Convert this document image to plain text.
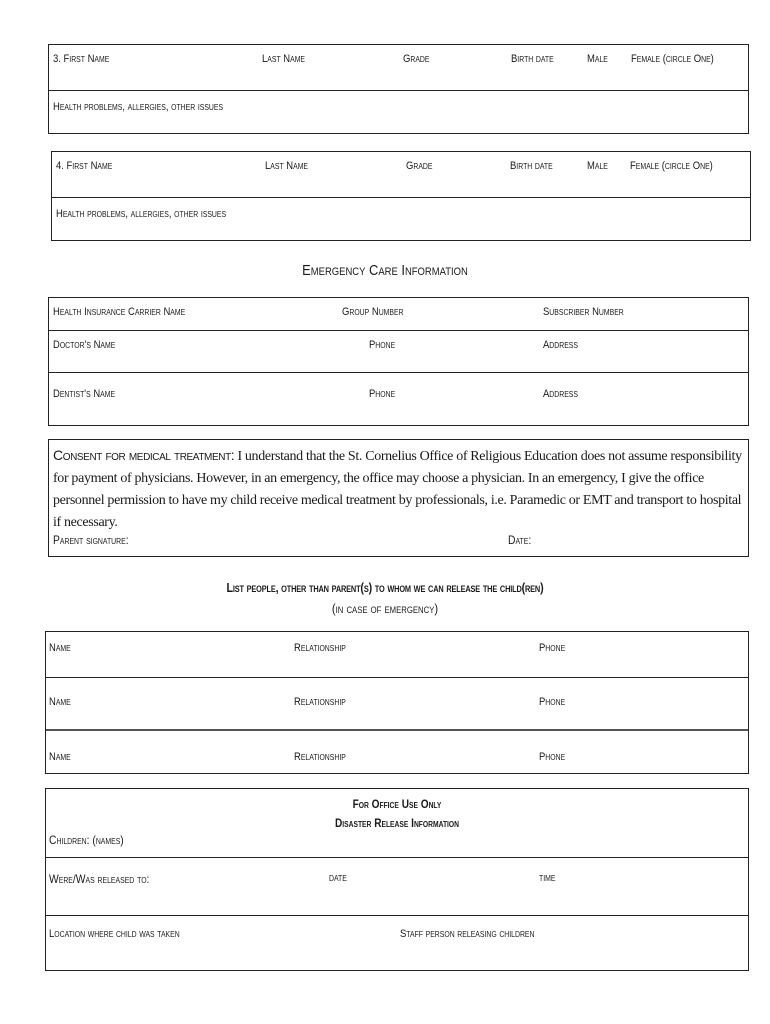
3. First Name	Last Name	Grade	Birth date	Male Female (circle One)
Health problems, allergies, other issues
4. First Name	Last Name	Grade	Birth date	Male Female (circle One)
Health problems, allergies, other issues
Emergency Care Information
Health Insurance Carrier Name	Group Number	Subscriber Number
Doctor's Name	Phone	Address
Dentist's Name	Phone	Address
Consent for medical treatment: I understand that the St. Cornelius Office of Religious Education does not assume responsibility for payment of physicians. However, in an emergency, the office may choose a physician. In an emergency, I give the office personnel permission to have my child receive medical treatment by professionals, i.e. Paramedic or EMT and transport to hospital if necessary.
Parent signature:	Date:
List people, other than parent(s) to whom we can release the child(ren)
(in case of emergency)
Name	Relationship	Phone
Name	Relationship	Phone
Name	Relationship	Phone
For Office Use Only
Disaster Release Information
Children: (names)
Were/Was released to:	date	time
Location where child was taken	Staff person releasing children
